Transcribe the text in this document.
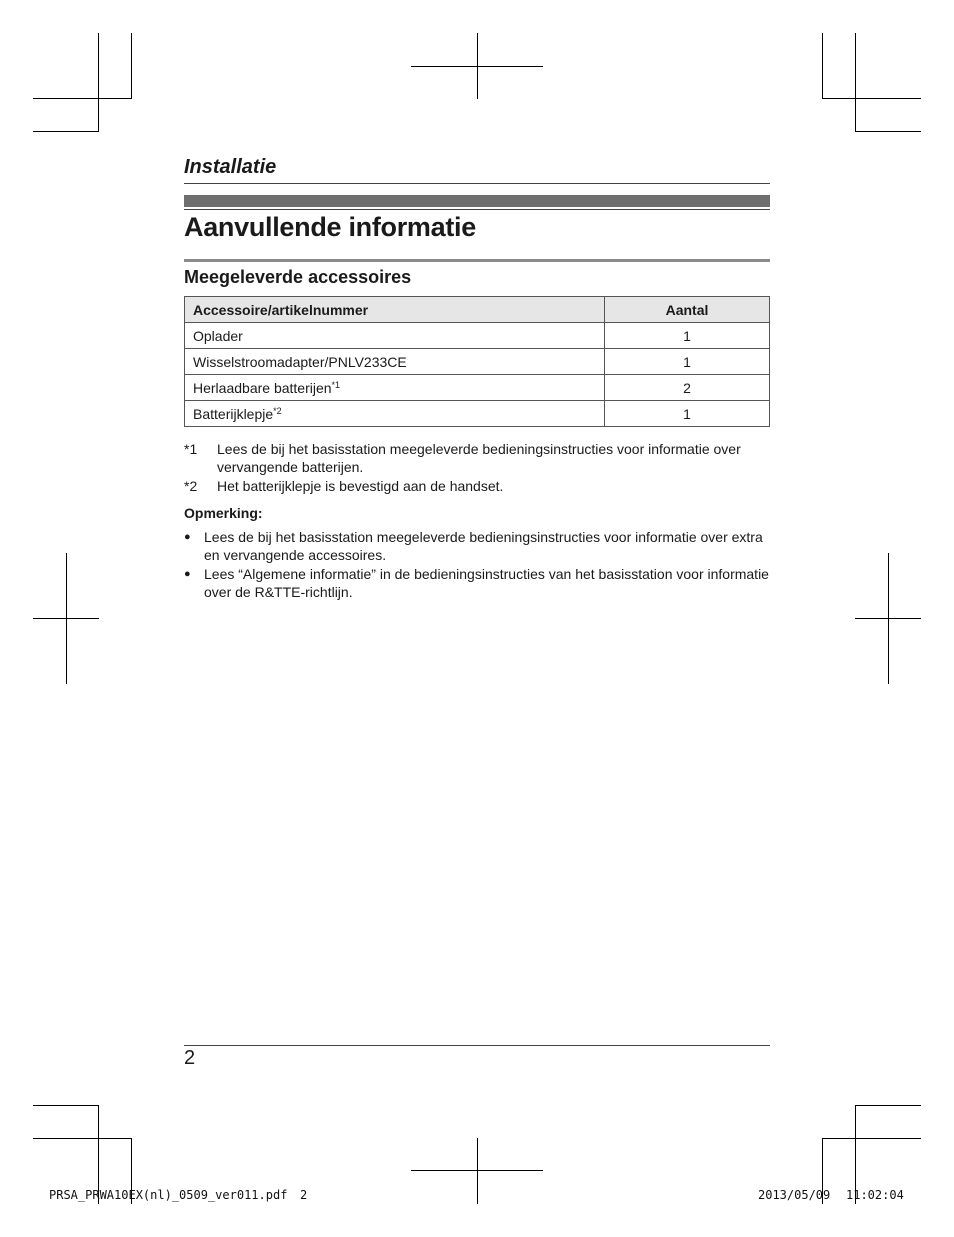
Installatie
Aanvullende informatie
Meegeleverde accessoires
Accessoire/artikelnummer	Aantal
Oplader	1
Wisselstroomadapter/PNLV233CE	1
Herlaadbare batterijen$^{*1}$	2
Batterijklepje$^{*2}$	1
*1	Lees de bij het basisstation meegeleverde bedieningsinstructies voor informatie over vervangende batterijen.
*2	Het batterijklepje is bevestigd aan de handset.
Opmerking:
● Lees de bij het basisstation meegeleverde bedieningsinstructies voor informatie over extra en vervangende accessoires.
● Lees “Algemene informatie” in de bedieningsinstructies van het basisstation voor informatie over de R&TTE-richtlijn.
2
PRSA_PRWA10EX(nl)_0509_ver011.pdf 2	2013/05/09 11:02:04
